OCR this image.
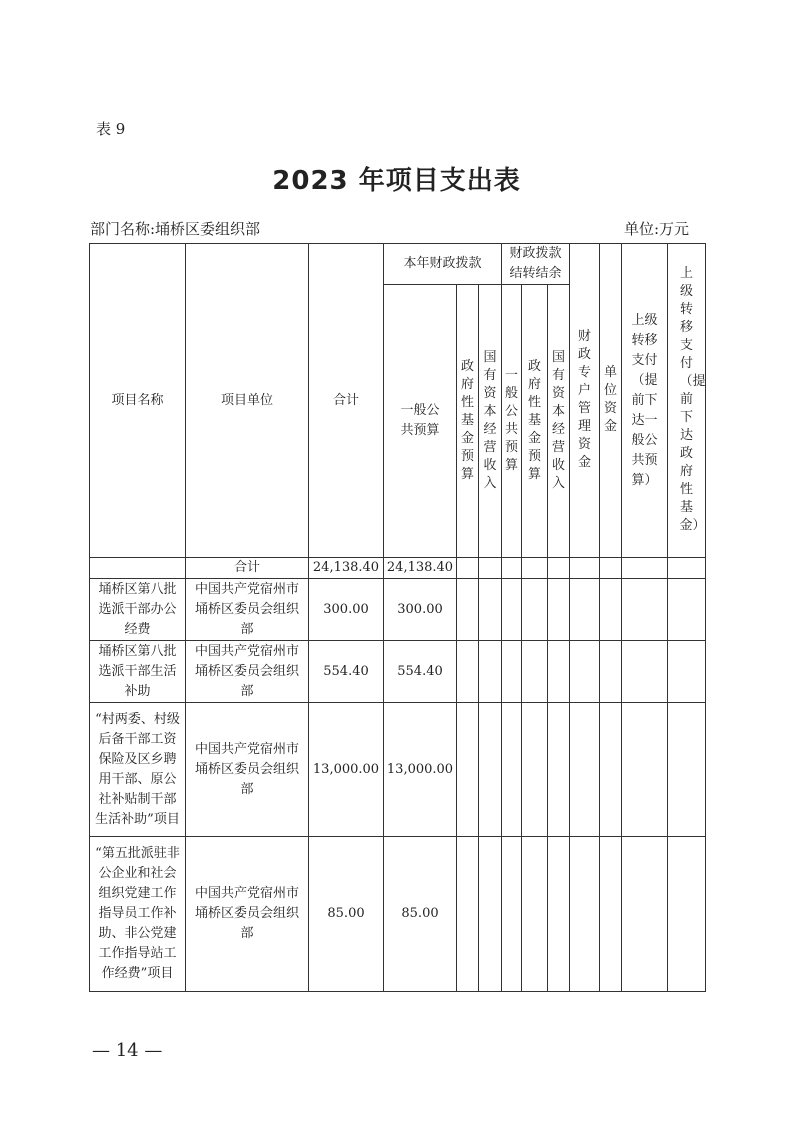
表 9
2023 年项目支出表
部门名称:埇桥区委组织部	单位:万元
项目名称	项目单位	合计	本年财政拨款			财政拨款结转结余			财政专户管理资金	单位资金	上级转移支付（提前下达一般公共预算）	上级转移支付（提前下达政府性基金）
			一般公共预算	政府性基金预算	国有资本经营收入	一般公共预算	政府性基金预算	国有资本经营收入				
	合计	24,138.40	24,138.40									
埇桥区第八批选派干部办公经费	中国共产党宿州市埇桥区委员会组织部	300.00	300.00									
埇桥区第八批选派干部生活补助	中国共产党宿州市埇桥区委员会组织部	554.40	554.40									
“村两委、村级后备干部工资保险及区乡聘用干部、原公社补贴制干部生活补助”项目	中国共产党宿州市埇桥区委员会组织部	13,000.00	13,000.00									
“第五批派驻非公企业和社会组织党建工作指导员工作补助、非公党建工作指导站工作经费”项目	中国共产党宿州市埇桥区委员会组织部	85.00	85.00									
— 14 —
